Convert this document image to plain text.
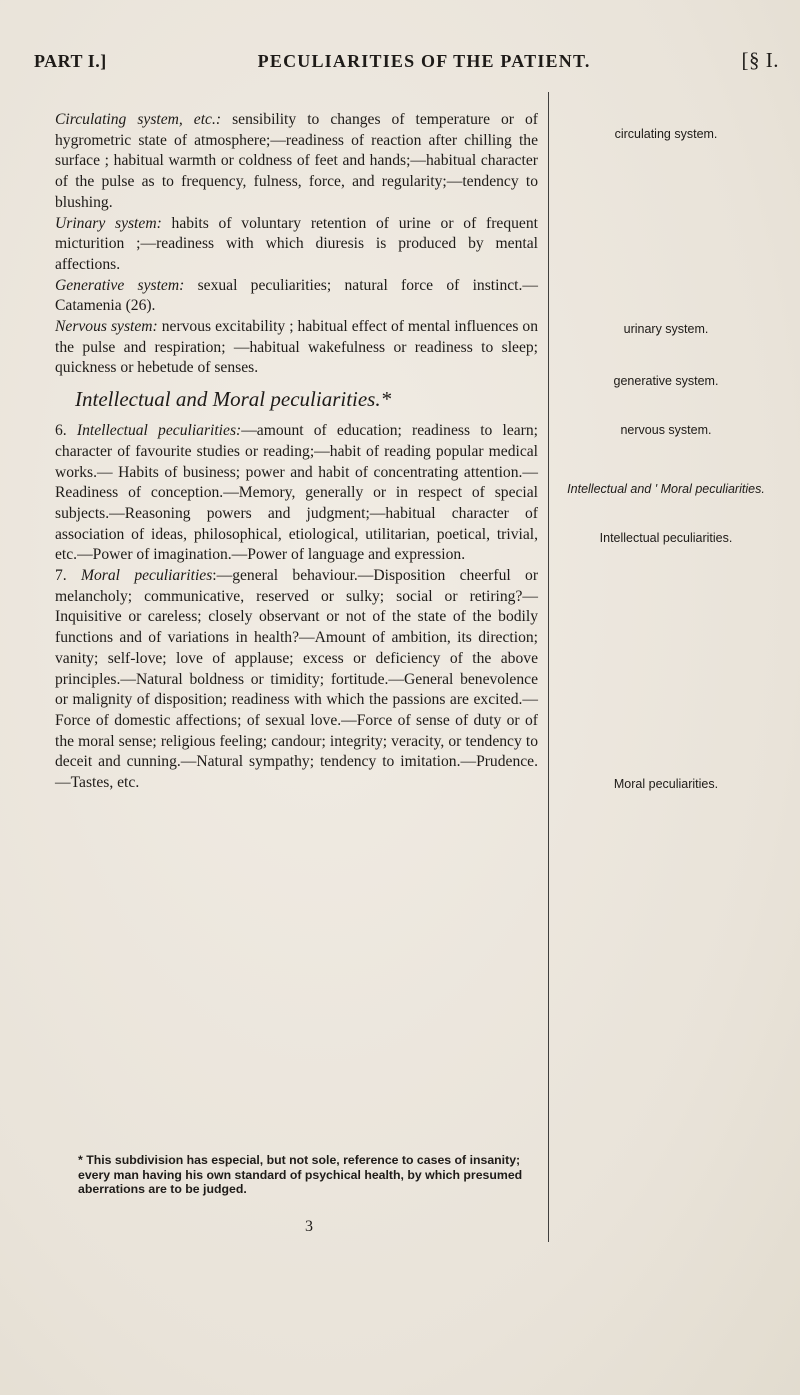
PART I.]	PECULIARITIES OF THE PATIENT.	[§ I.

Circulating system, etc.: sensibility to changes of temperature or of hygrometric state of atmosphere;—readiness of reaction after chilling the surface ; habitual warmth or coldness of feet and hands;—habitual character of the pulse as to frequency, fulness, force, and regularity;—tendency to blushing.

Urinary system: habits of voluntary retention of urine or of frequent micturition ;—readiness with which diuresis is produced by mental affections.

Generative system: sexual peculiarities; natural force of instinct.—Catamenia (26).

Nervous system: nervous excitability ; habitual effect of mental influences on the pulse and respiration; —habitual wakefulness or readiness to sleep; quickness or hebetude of senses.

Intellectual and Moral peculiarities.*

6. Intellectual peculiarities:—amount of education; readiness to learn; character of favourite studies or reading;—habit of reading popular medical works.— Habits of business; power and habit of concentrating attention.—Readiness of conception.—Memory, generally or in respect of special subjects.—Reasoning powers and judgment;—habitual character of association of ideas, philosophical, etiological, utilitarian, poetical, trivial, etc.—Power of imagination.—Power of language and expression.

7. Moral peculiarities:—general behaviour.—Disposition cheerful or melancholy; communicative, reserved or sulky; social or retiring?—Inquisitive or careless; closely observant or not of the state of the bodily functions and of variations in health?—Amount of ambition, its direction; vanity; self-love; love of applause; excess or deficiency of the above principles.—Natural boldness or timidity; fortitude.—General benevolence or malignity of disposition; readiness with which the passions are excited.—Force of domestic affections; of sexual love.—Force of sense of duty or of the moral sense; religious feeling; candour; integrity; veracity, or tendency to deceit and cunning.—Natural sympathy; tendency to imitation.—Prudence.—Tastes, etc.

* This subdivision has especial, but not sole, reference to cases of insanity; every man having his own standard of psychical health, by which presumed aberrations are to be judged.
3
circulating system.
urinary system.
generative system.
nervous system.
Intellectual and ' Moral peculiarities.
Intellectual peculiarities.
Moral peculiarities.
